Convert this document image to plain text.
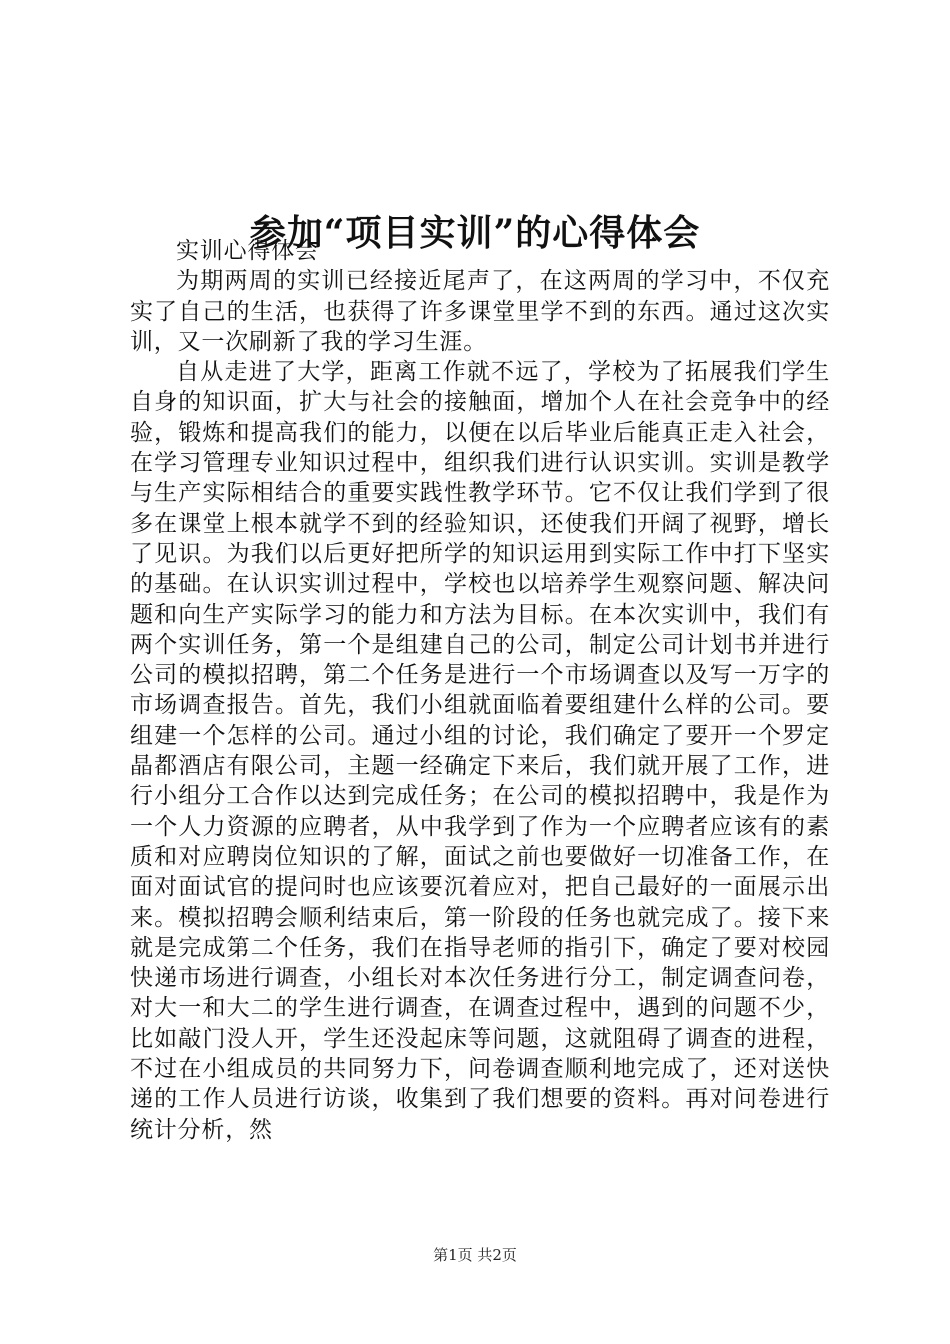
参加“项目实训”的心得体会

实训心得体会

为期两周的实训已经接近尾声了，在这两周的学习中，不仅充实了自己的生活，也获得了许多课堂里学不到的东西。通过这次实训，又一次刷新了我的学习生涯。

自从走进了大学，距离工作就不远了，学校为了拓展我们学生自身的知识面，扩大与社会的接触面，增加个人在社会竞争中的经验，锻炼和提高我们的能力，以便在以后毕业后能真正走入社会，在学习管理专业知识过程中，组织我们进行认识实训。实训是教学与生产实际相结合的重要实践性教学环节。它不仅让我们学到了很多在课堂上根本就学不到的经验知识，还使我们开阔了视野，增长了见识。为我们以后更好把所学的知识运用到实际工作中打下坚实的基础。在认识实训过程中，学校也以培养学生观察问题、解决问题和向生产实际学习的能力和方法为目标。在本次实训中，我们有两个实训任务，第一个是组建自己的公司，制定公司计划书并进行公司的模拟招聘，第二个任务是进行一个市场调查以及写一万字的市场调查报告。首先，我们小组就面临着要组建什么样的公司。要组建一个怎样的公司。通过小组的讨论，我们确定了要开一个罗定晶都酒店有限公司，主题一经确定下来后，我们就开展了工作，进行小组分工合作以达到完成任务；在公司的模拟招聘中，我是作为一个人力资源的应聘者，从中我学到了作为一个应聘者应该有的素质和对应聘岗位知识的了解，面试之前也要做好一切准备工作，在面对面试官的提问时也应该要沉着应对，把自己最好的一面展示出来。模拟招聘会顺利结束后，第一阶段的任务也就完成了。接下来就是完成第二个任务，我们在指导老师的指引下，确定了要对校园快递市场进行调查，小组长对本次任务进行分工，制定调查问卷，对大一和大二的学生进行调查，在调查过程中，遇到的问题不少，比如敲门没人开，学生还没起床等问题，这就阻碍了调查的进程，不过在小组成员的共同努力下，问卷调查顺利地完成了，还对送快递的工作人员进行访谈，收集到了我们想要的资料。再对问卷进行统计分析，然

第1页 共2页
